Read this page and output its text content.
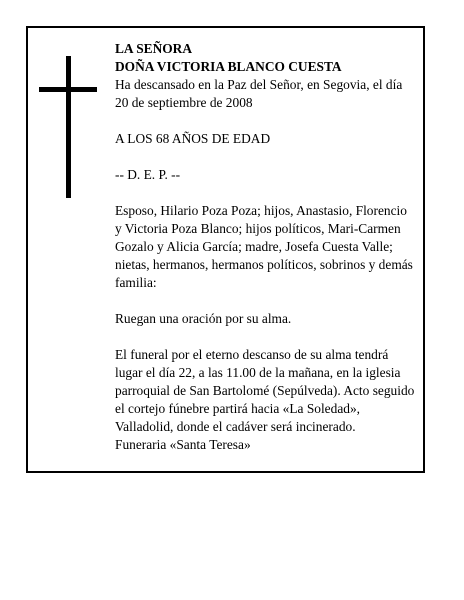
LA SEÑORA
DOÑA VICTORIA BLANCO CUESTA
Ha descansado en la Paz del Señor, en Segovia, el día
20 de septiembre de 2008
A LOS 68 AÑOS DE EDAD
-- D. E. P. --
Esposo, Hilario Poza Poza; hijos, Anastasio, Florencio
y Victoria Poza Blanco; hijos políticos, Mari-Carmen
Gozalo y Alicia García; madre, Josefa Cuesta Valle;
nietas, hermanos, hermanos políticos, sobrinos y demás
familia:
Ruegan una oración por su alma.
El funeral por el eterno descanso de su alma tendrá
lugar el día 22, a las 11.00 de la mañana, en la iglesia
parroquial de San Bartolomé (Sepúlveda). Acto seguido
el cortejo fúnebre partirá hacia «La Soledad»,
Valladolid, donde el cadáver será incinerado.
Funeraria «Santa Teresa»
